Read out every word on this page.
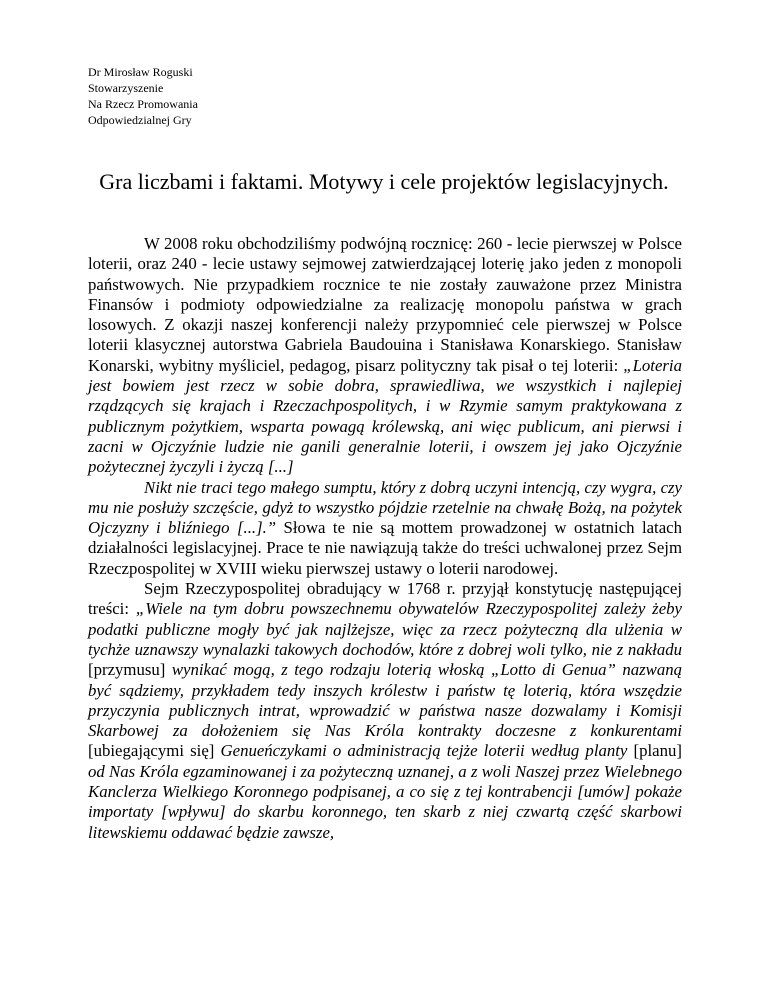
Dr Mirosław Roguski
Stowarzyszenie
Na Rzecz Promowania
Odpowiedzialnej Gry
Gra liczbami i faktami. Motywy i cele projektów legislacyjnych.

W 2008 roku obchodziliśmy podwójną rocznicę: 260 - lecie pierwszej w Polsce loterii, oraz 240 - lecie ustawy sejmowej zatwierdzającej loterię jako jeden z monopoli państwowych. Nie przypadkiem rocznice te nie zostały zauważone przez Ministra Finansów i podmioty odpowiedzialne za realizację monopolu państwa w grach losowych. Z okazji naszej konferencji należy przypomnieć cele pierwszej w Polsce loterii klasycznej autorstwa Gabriela Baudouina i Stanisława Konarskiego. Stanisław Konarski, wybitny myśliciel, pedagog, pisarz polityczny tak pisał o tej loterii: „Loteria jest bowiem jest rzecz w sobie dobra, sprawiedliwa, we wszystkich i najlepiej rządzących się krajach i Rzeczachpospolitych, i w Rzymie samym praktykowana z publicznym pożytkiem, wsparta powagą królewską, ani więc publicum, ani pierwsi i zacni w Ojczyźnie ludzie nie ganili generalnie loterii, i owszem jej jako Ojczyźnie pożytecznej życzyli i życzą [...]

Nikt nie traci tego małego sumptu, który z dobrą uczyni intencją, czy wygra, czy mu nie posłuży szczęście, gdyż to wszystko pójdzie rzetelnie na chwałę Bożą, na pożytek Ojczyzny i bliźniego [...].” Słowa te nie są mottem prowadzonej w ostatnich latach działalności legislacyjnej. Prace te nie nawiązują także do treści uchwalonej przez Sejm Rzeczpospolitej w XVIII wieku pierwszej ustawy o loterii narodowej.

Sejm Rzeczypospolitej obradujący w 1768 r. przyjął konstytucję następującej treści: „Wiele na tym dobru powszechnemu obywatelów Rzeczypospolitej zależy żeby podatki publiczne mogły być jak najlżejsze, więc za rzecz pożyteczną dla ulżenia w tychże uznawszy wynalazki takowych dochodów, które z dobrej woli tylko, nie z nakładu [przymusu] wynikać mogą, z tego rodzaju loterią włoską „Lotto di Genua” nazwaną być sądziemy, przykładem tedy inszych królestw i państw tę loterią, która wszędzie przyczynia publicznych intrat, wprowadzić w państwa nasze dozwalamy i Komisji Skarbowej za dołożeniem się Nas Króla kontrakty doczesne z konkurentami [ubiegającymi się] Genueńczykami o administracją tejże loterii według planty [planu] od Nas Króla egzaminowanej i za pożyteczną uznanej, a z woli Naszej przez Wielebnego Kanclerza Wielkiego Koronnego podpisanej, a co się z tej kontrabencji [umów] pokaże importaty [wpływu] do skarbu koronnego, ten skarb z niej czwartą część skarbowi litewskiemu oddawać będzie zawsze,
